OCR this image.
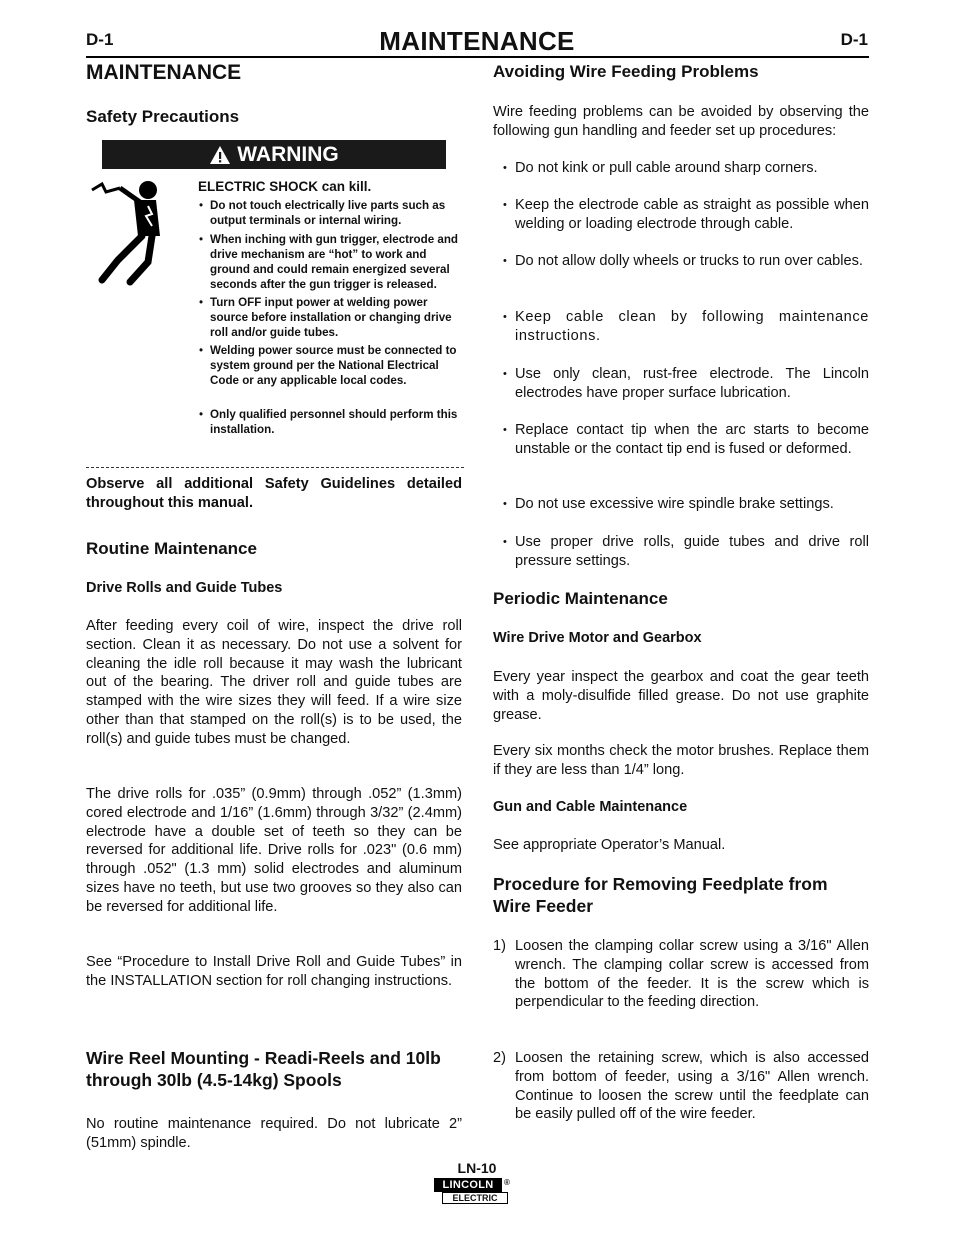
D-1	MAINTENANCE	D-1
MAINTENANCE
Safety Precautions
WARNING
ELECTRIC SHOCK can kill.
• Do not touch electrically live parts such as output terminals or internal wiring.
• When inching with gun trigger, electrode and drive mechanism are “hot” to work and ground and could remain energized several seconds after the gun trigger is released.
• Turn OFF input power at welding power source before installation or changing drive roll and/or guide tubes.
• Welding power source must be connected to system ground per the National Electrical Code or any applicable local codes.
• Only qualified personnel should perform this installation.
Observe all additional Safety Guidelines detailed throughout this manual.
Routine Maintenance
Drive Rolls and Guide Tubes
After feeding every coil of wire, inspect the drive roll section. Clean it as necessary. Do not use a solvent for cleaning the idle roll because it may wash the lubricant out of the bearing. The driver roll and guide tubes are stamped with the wire sizes they will feed. If a wire size other than that stamped on the roll(s) is to be used, the roll(s) and guide tubes must be changed.
The drive rolls for .035” (0.9mm) through .052” (1.3mm) cored electrode and 1/16” (1.6mm) through 3/32” (2.4mm) electrode have a double set of teeth so they can be reversed for additional life. Drive rolls for .023" (0.6 mm) through .052" (1.3 mm) solid electrodes and aluminum sizes have no teeth, but use two grooves so they also can be reversed for additional life.
See “Procedure to Install Drive Roll and Guide Tubes” in the INSTALLATION section for roll changing instructions.
Wire Reel Mounting - Readi-Reels and 10lb through 30lb (4.5-14kg) Spools
No routine maintenance required. Do not lubricate 2” (51mm) spindle.
Avoiding Wire Feeding Problems
Wire feeding problems can be avoided by observing the following gun handling and feeder set up procedures:
• Do not kink or pull cable around sharp corners.
• Keep the electrode cable as straight as possible when welding or loading electrode through cable.
• Do not allow dolly wheels or trucks to run over cables.
• Keep cable clean by following maintenance instructions.
• Use only clean, rust-free electrode. The Lincoln electrodes have proper surface lubrication.
• Replace contact tip when the arc starts to become unstable or the contact tip end is fused or deformed.
• Do not use excessive wire spindle brake settings.
• Use proper drive rolls, guide tubes and drive roll pressure settings.
Periodic Maintenance
Wire Drive Motor and Gearbox
Every year inspect the gearbox and coat the gear teeth with a moly-disulfide filled grease. Do not use graphite grease.
Every six months check the motor brushes. Replace them if they are less than 1/4” long.
Gun and Cable Maintenance
See appropriate Operator’s Manual.
Procedure for Removing Feedplate from Wire Feeder
1) Loosen the clamping collar screw using a 3/16" Allen wrench. The clamping collar screw is accessed from the bottom of the feeder. It is the screw which is perpendicular to the feeding direction.
2) Loosen the retaining screw, which is also accessed from bottom of feeder, using a 3/16" Allen wrench. Continue to loosen the screw until the feedplate can be easily pulled off of the wire feeder.
LN-10
LINCOLN	®
ELECTRIC
